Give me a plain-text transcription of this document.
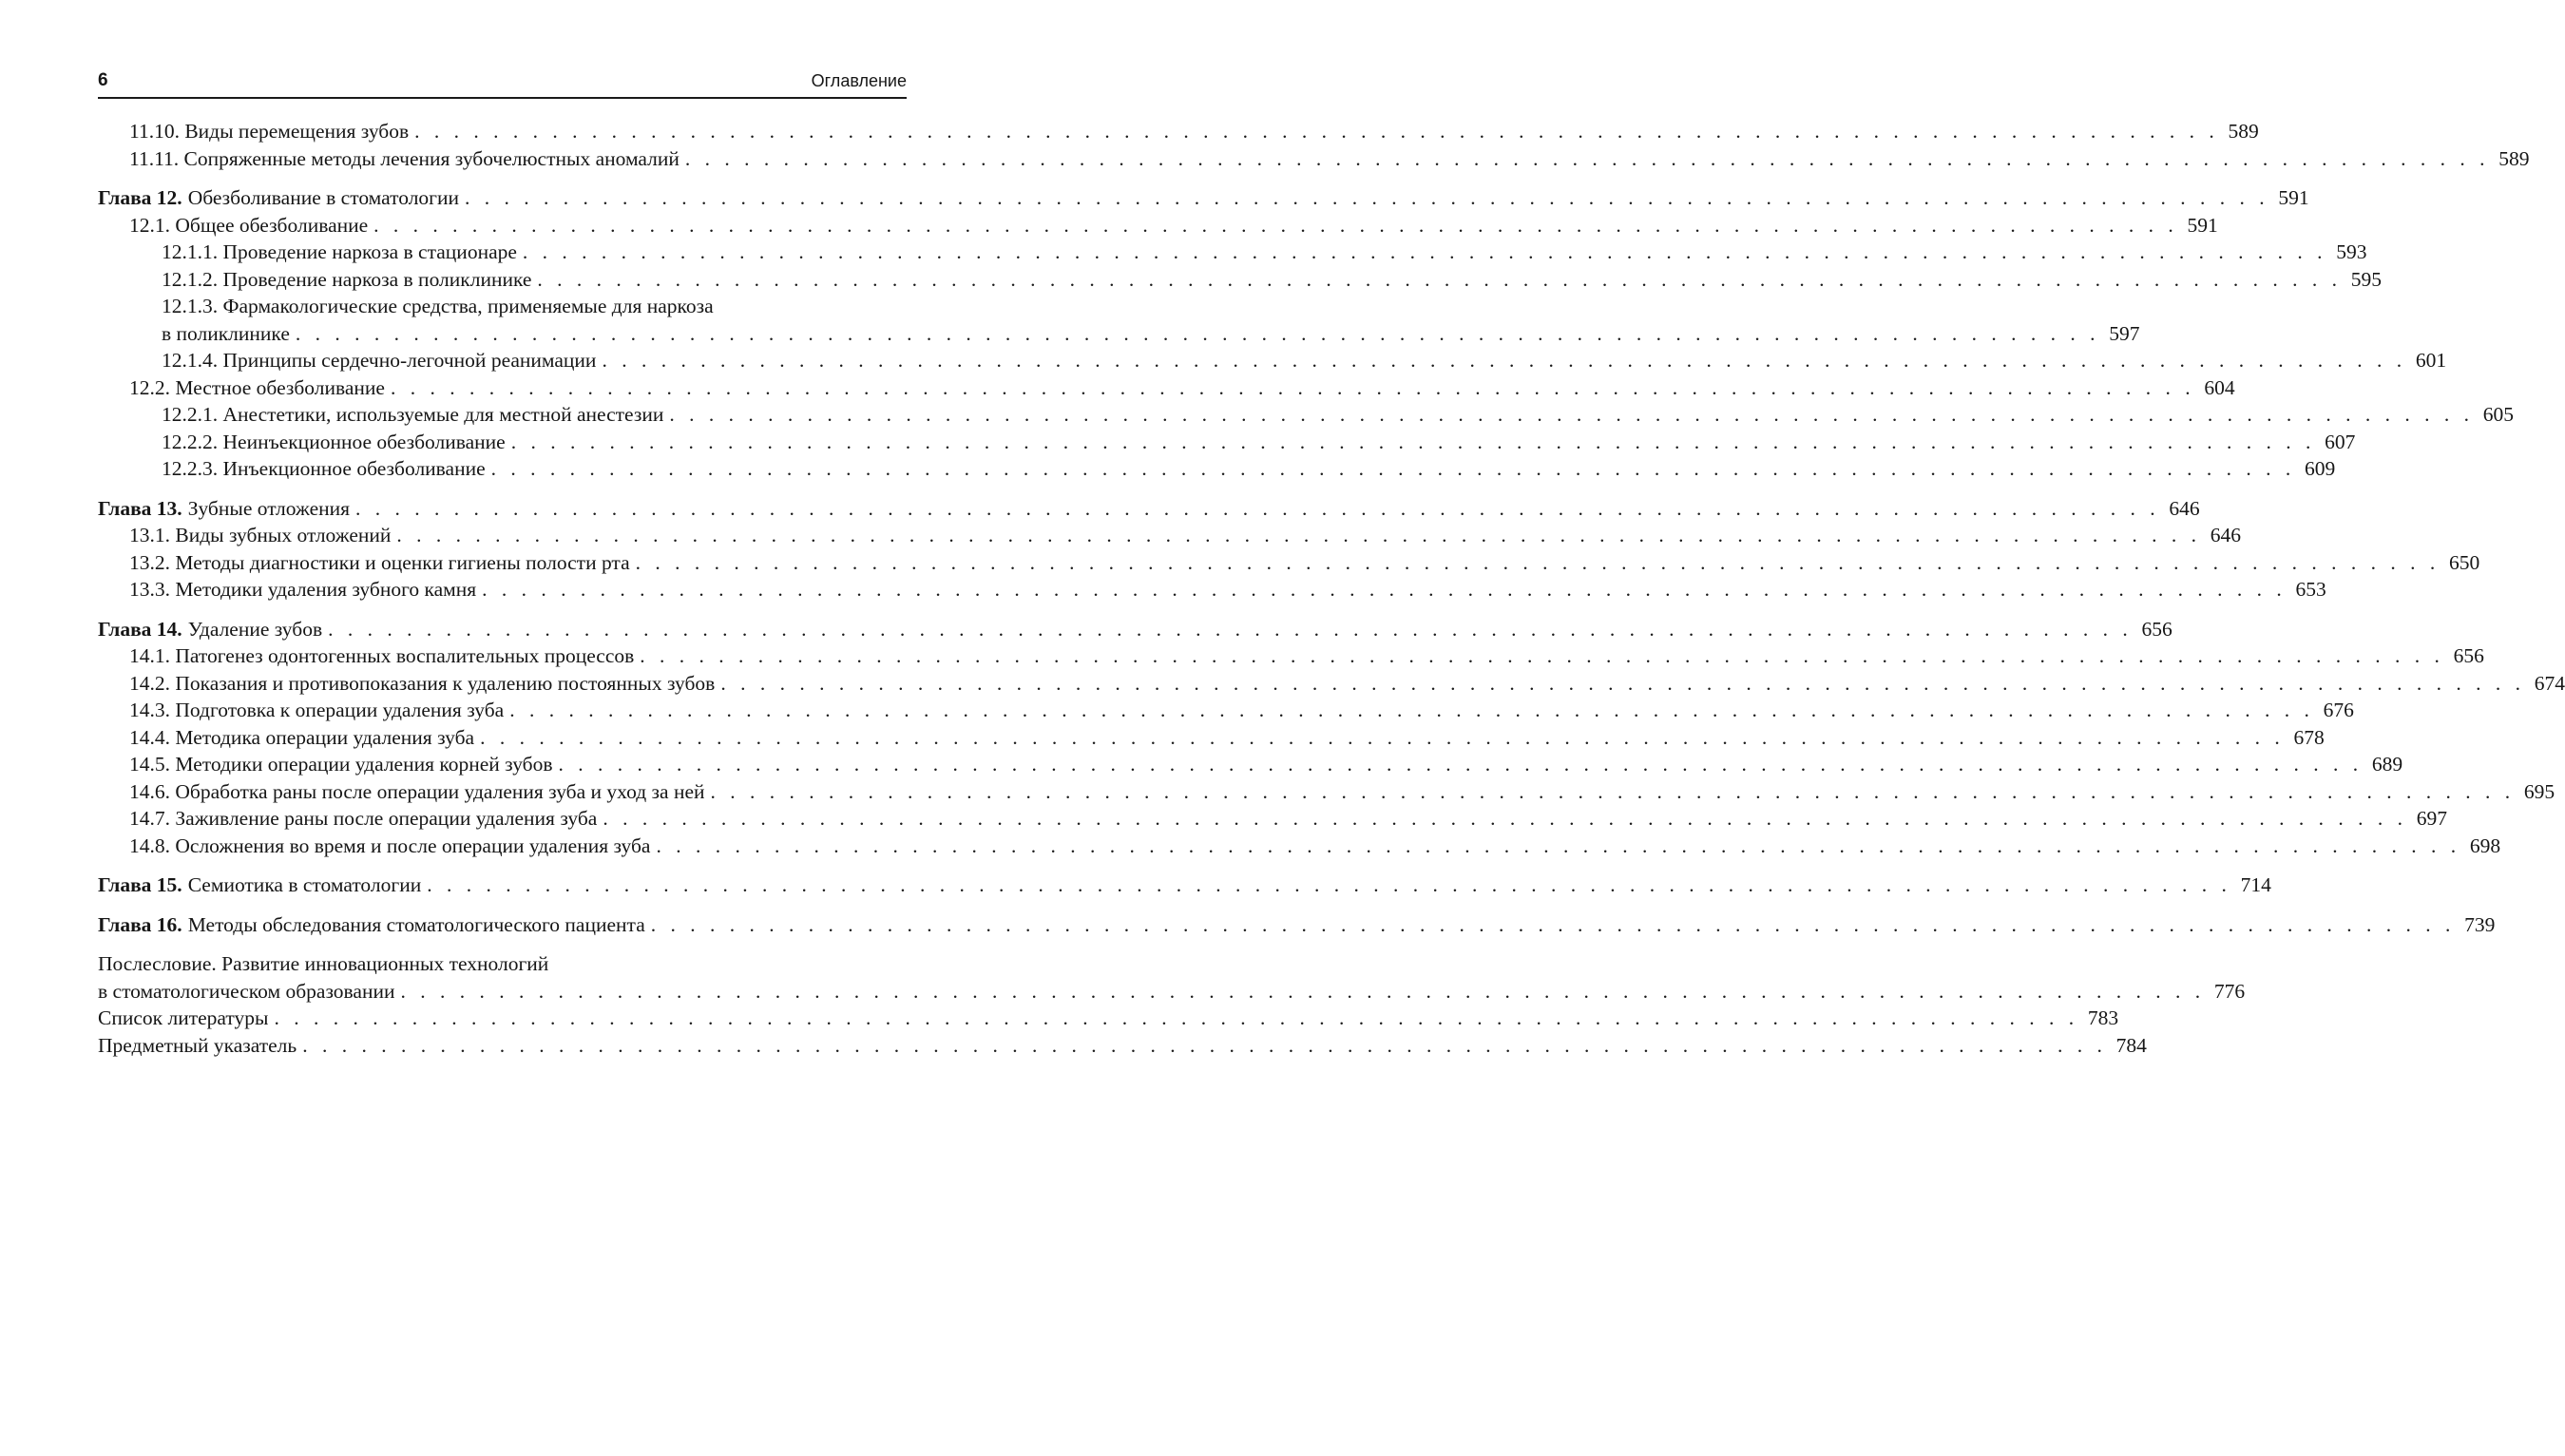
6	Оглавление
11.10. Виды перемещения зубов . . . . . . . . . . . . . . . . . . . . . . . . . . . . . . . . . . . . . . . . . . . . . . . . . . . . . . . . . . . . . . . . . . . . . . . . . . . . . . . . . . . . . . . . . . . . 589
11.11. Сопряженные методы лечения зубочелюстных аномалий . . . . . . . . . . . . . . . . . . . . . . . . . . . . . . . . . . . . . . . . . . . . . . . . . . . . . . . . . . . . . . . . . . . . . . . . . . . . . . . . . . . . . . . . . . . . 589
Глава 12. Обезболивание в стоматологии . . . . . . . . . . . . . . . . . . . . . . . . . . . . . . . . . . . . . . . . . . . . . . . . . . . . . . . . . . . . . . . . . . . . . . . . . . . . . . . . . . . . . . . . . . . . 591
12.1. Общее обезболивание . . . . . . . . . . . . . . . . . . . . . . . . . . . . . . . . . . . . . . . . . . . . . . . . . . . . . . . . . . . . . . . . . . . . . . . . . . . . . . . . . . . . . . . . . . . . 591
12.1.1. Проведение наркоза в стационаре . . . . . . . . . . . . . . . . . . . . . . . . . . . . . . . . . . . . . . . . . . . . . . . . . . . . . . . . . . . . . . . . . . . . . . . . . . . . . . . . . . . . . . . . . . . . 593
12.1.2. Проведение наркоза в поликлинике . . . . . . . . . . . . . . . . . . . . . . . . . . . . . . . . . . . . . . . . . . . . . . . . . . . . . . . . . . . . . . . . . . . . . . . . . . . . . . . . . . . . . . . . . . . . 595
12.1.3. Фармакологические средства, применяемые для наркоза
в поликлинике . . . . . . . . . . . . . . . . . . . . . . . . . . . . . . . . . . . . . . . . . . . . . . . . . . . . . . . . . . . . . . . . . . . . . . . . . . . . . . . . . . . . . . . . . . . . 597
12.1.4. Принципы сердечно-легочной реанимации . . . . . . . . . . . . . . . . . . . . . . . . . . . . . . . . . . . . . . . . . . . . . . . . . . . . . . . . . . . . . . . . . . . . . . . . . . . . . . . . . . . . . . . . . . . . 601
12.2. Местное обезболивание . . . . . . . . . . . . . . . . . . . . . . . . . . . . . . . . . . . . . . . . . . . . . . . . . . . . . . . . . . . . . . . . . . . . . . . . . . . . . . . . . . . . . . . . . . . . 604
12.2.1. Анестетики, используемые для местной анестезии . . . . . . . . . . . . . . . . . . . . . . . . . . . . . . . . . . . . . . . . . . . . . . . . . . . . . . . . . . . . . . . . . . . . . . . . . . . . . . . . . . . . . . . . . . . . 605
12.2.2. Неинъекционное обезболивание . . . . . . . . . . . . . . . . . . . . . . . . . . . . . . . . . . . . . . . . . . . . . . . . . . . . . . . . . . . . . . . . . . . . . . . . . . . . . . . . . . . . . . . . . . . . 607
12.2.3. Инъекционное обезболивание . . . . . . . . . . . . . . . . . . . . . . . . . . . . . . . . . . . . . . . . . . . . . . . . . . . . . . . . . . . . . . . . . . . . . . . . . . . . . . . . . . . . . . . . . . . . 609
Глава 13. Зубные отложения . . . . . . . . . . . . . . . . . . . . . . . . . . . . . . . . . . . . . . . . . . . . . . . . . . . . . . . . . . . . . . . . . . . . . . . . . . . . . . . . . . . . . . . . . . . . 646
13.1. Виды зубных отложений . . . . . . . . . . . . . . . . . . . . . . . . . . . . . . . . . . . . . . . . . . . . . . . . . . . . . . . . . . . . . . . . . . . . . . . . . . . . . . . . . . . . . . . . . . . . 646
13.2. Методы диагностики и оценки гигиены полости рта . . . . . . . . . . . . . . . . . . . . . . . . . . . . . . . . . . . . . . . . . . . . . . . . . . . . . . . . . . . . . . . . . . . . . . . . . . . . . . . . . . . . . . . . . . . . 650
13.3. Методики удаления зубного камня . . . . . . . . . . . . . . . . . . . . . . . . . . . . . . . . . . . . . . . . . . . . . . . . . . . . . . . . . . . . . . . . . . . . . . . . . . . . . . . . . . . . . . . . . . . . 653
Глава 14. Удаление зубов . . . . . . . . . . . . . . . . . . . . . . . . . . . . . . . . . . . . . . . . . . . . . . . . . . . . . . . . . . . . . . . . . . . . . . . . . . . . . . . . . . . . . . . . . . . . 656
14.1. Патогенез одонтогенных воспалительных процессов . . . . . . . . . . . . . . . . . . . . . . . . . . . . . . . . . . . . . . . . . . . . . . . . . . . . . . . . . . . . . . . . . . . . . . . . . . . . . . . . . . . . . . . . . . . . 656
14.2. Показания и противопоказания к удалению постоянных зубов . . . . . . . . . . . . . . . . . . . . . . . . . . . . . . . . . . . . . . . . . . . . . . . . . . . . . . . . . . . . . . . . . . . . . . . . . . . . . . . . . . . . . . . . . . . . 674
14.3. Подготовка к операции удаления зуба . . . . . . . . . . . . . . . . . . . . . . . . . . . . . . . . . . . . . . . . . . . . . . . . . . . . . . . . . . . . . . . . . . . . . . . . . . . . . . . . . . . . . . . . . . . . 676
14.4. Методика операции удаления зуба . . . . . . . . . . . . . . . . . . . . . . . . . . . . . . . . . . . . . . . . . . . . . . . . . . . . . . . . . . . . . . . . . . . . . . . . . . . . . . . . . . . . . . . . . . . . 678
14.5. Методики операции удаления корней зубов . . . . . . . . . . . . . . . . . . . . . . . . . . . . . . . . . . . . . . . . . . . . . . . . . . . . . . . . . . . . . . . . . . . . . . . . . . . . . . . . . . . . . . . . . . . . 689
14.6. Обработка раны после операции удаления зуба и уход за ней . . . . . . . . . . . . . . . . . . . . . . . . . . . . . . . . . . . . . . . . . . . . . . . . . . . . . . . . . . . . . . . . . . . . . . . . . . . . . . . . . . . . . . . . . . . . 695
14.7. Заживление раны после операции удаления зуба . . . . . . . . . . . . . . . . . . . . . . . . . . . . . . . . . . . . . . . . . . . . . . . . . . . . . . . . . . . . . . . . . . . . . . . . . . . . . . . . . . . . . . . . . . . . 697
14.8. Осложнения во время и после операции удаления зуба . . . . . . . . . . . . . . . . . . . . . . . . . . . . . . . . . . . . . . . . . . . . . . . . . . . . . . . . . . . . . . . . . . . . . . . . . . . . . . . . . . . . . . . . . . . . 698
Глава 15. Семиотика в стоматологии . . . . . . . . . . . . . . . . . . . . . . . . . . . . . . . . . . . . . . . . . . . . . . . . . . . . . . . . . . . . . . . . . . . . . . . . . . . . . . . . . . . . . . . . . . . . 714
Глава 16. Методы обследования стоматологического пациента . . . . . . . . . . . . . . . . . . . . . . . . . . . . . . . . . . . . . . . . . . . . . . . . . . . . . . . . . . . . . . . . . . . . . . . . . . . . . . . . . . . . . . . . . . . . 739
Послесловие. Развитие инновационных технологий
в стоматологическом образовании . . . . . . . . . . . . . . . . . . . . . . . . . . . . . . . . . . . . . . . . . . . . . . . . . . . . . . . . . . . . . . . . . . . . . . . . . . . . . . . . . . . . . . . . . . . . 776
Список литературы . . . . . . . . . . . . . . . . . . . . . . . . . . . . . . . . . . . . . . . . . . . . . . . . . . . . . . . . . . . . . . . . . . . . . . . . . . . . . . . . . . . . . . . . . . . . 783
Предметный указатель . . . . . . . . . . . . . . . . . . . . . . . . . . . . . . . . . . . . . . . . . . . . . . . . . . . . . . . . . . . . . . . . . . . . . . . . . . . . . . . . . . . . . . . . . . . . 784
